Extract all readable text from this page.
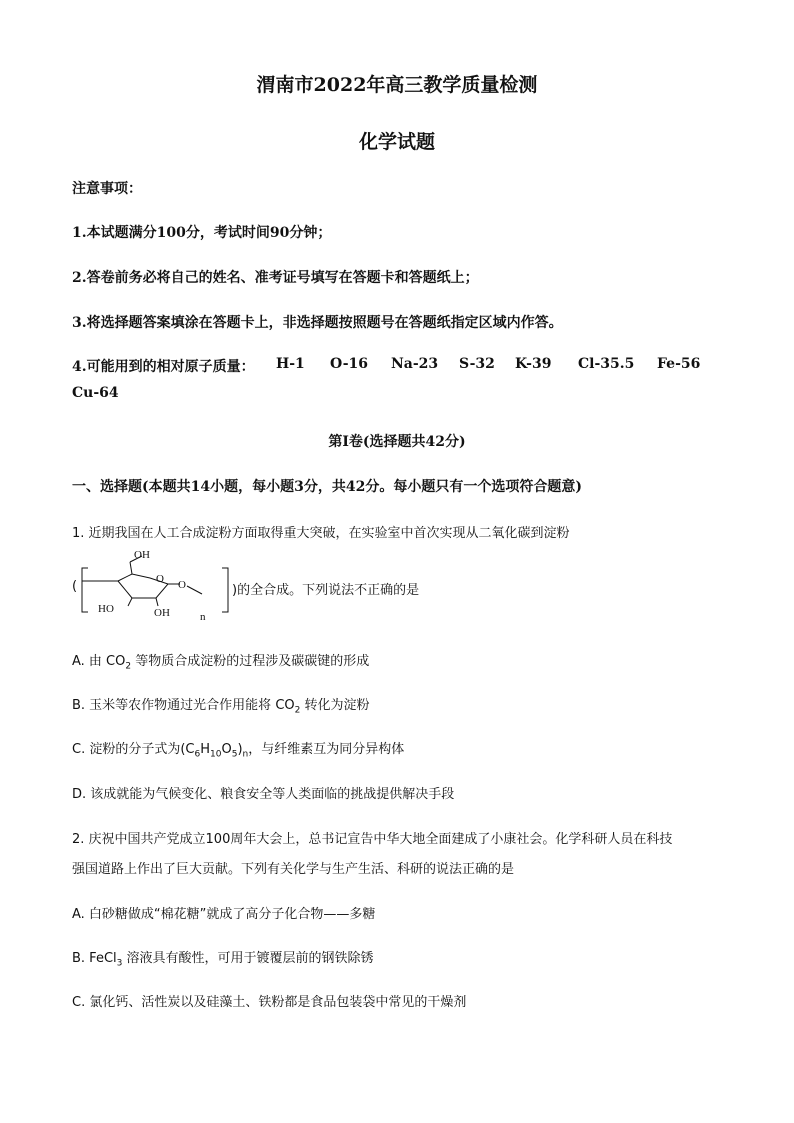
渭南市2022年高三教学质量检测
化学试题
注意事项：
1.本试题满分100分，考试时间90分钟；
2.答卷前务必将自己的姓名、准考证号填写在答题卡和答题纸上；
3.将选择题答案填涂在答题卡上，非选择题按照题号在答题纸指定区域内作答。
4.可能用到的相对原子质量： H-1 O-16 Na-23 S-32 K-39 Cl-35.5 Fe-56
Cu-64
第Ⅰ卷(选择题共42分)
一、选择题(本题共14小题，每小题3分，共42分。每小题只有一个选项符合题意)
1. 近期我国在人工合成淀粉方面取得重大突破，在实验室中首次实现从二氧化碳到淀粉
(
OH
O
HO	OH
O
n
)的全合成。下列说法不正确的是
A. 由 $CO_2$ 等物质合成淀粉的过程涉及碳碳键的形成
B. 玉米等农作物通过光合作用能将 $CO_2$ 转化为淀粉
C. 淀粉的分子式为$(C_6H_{10}O_5)_n$，与纤维素互为同分异构体
D. 该成就能为气候变化、粮食安全等人类面临的挑战提供解决手段
2. 庆祝中国共产党成立100周年大会上，总书记宣告中华大地全面建成了小康社会。化学科研人员在科技
强国道路上作出了巨大贡献。下列有关化学与生产生活、科研的说法正确的是
A. 白砂糖做成“棉花糖”就成了高分子化合物——多糖
B. FeCl$_3$ 溶液具有酸性，可用于镀覆层前的钢铁除锈
C. 氯化钙、活性炭以及硅藻土、铁粉都是食品包装袋中常见的干燥剂
